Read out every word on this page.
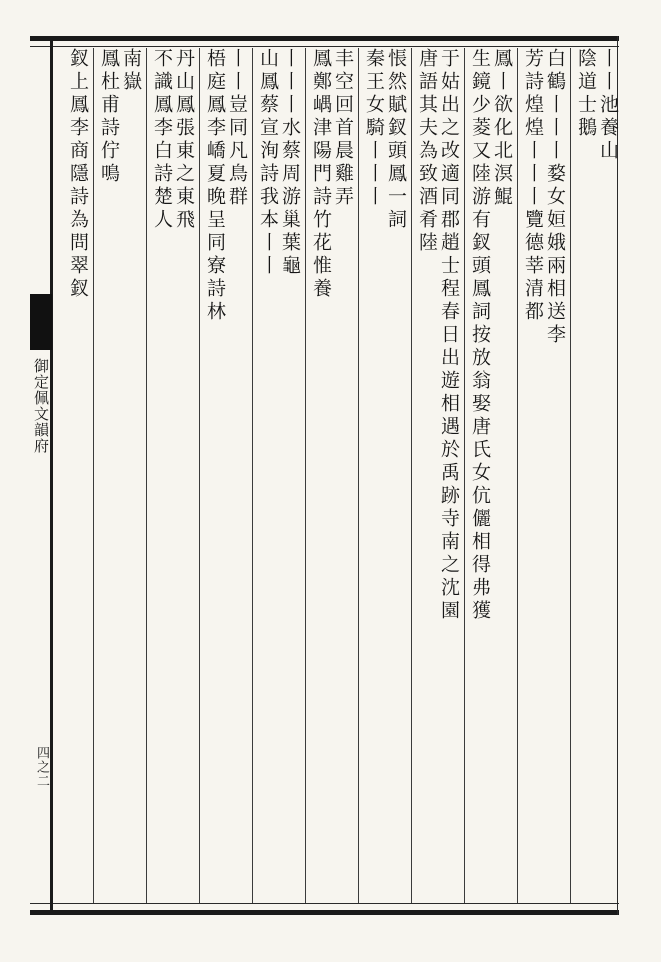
御定佩文韻府
四之二
丨丨池養山
陰道士鵝
白鶴丨丨丨婺女姮娥兩相送李
芳詩煌煌丨丨丨覽德莘清都
鳳丨欲化北溟鯤
生鏡少菱又陸游有釵頭鳳詞按放翁娶唐氏女伉儷相得弗獲
于姑出之改適同郡趙士程春日出遊相遇於禹跡寺南之沈園
唐語其夫為致酒肴陸
悵然賦釵頭鳳一詞
秦王女騎丨丨丨
丰空回首晨雞弄
鳳鄭嵎津陽門詩竹花惟養
丨丨丨水蔡周游巢葉龜
山鳳蔡宣洵詩我本丨丨
丨丨豈同凡鳥群
梧庭鳳李嶠夏晚呈同寮詩林
丹山鳳張東之東飛
不識鳳李白詩楚人
南嶽
鳳杜甫詩佇鳴
釵上鳳李商隱詩為問翠釵
